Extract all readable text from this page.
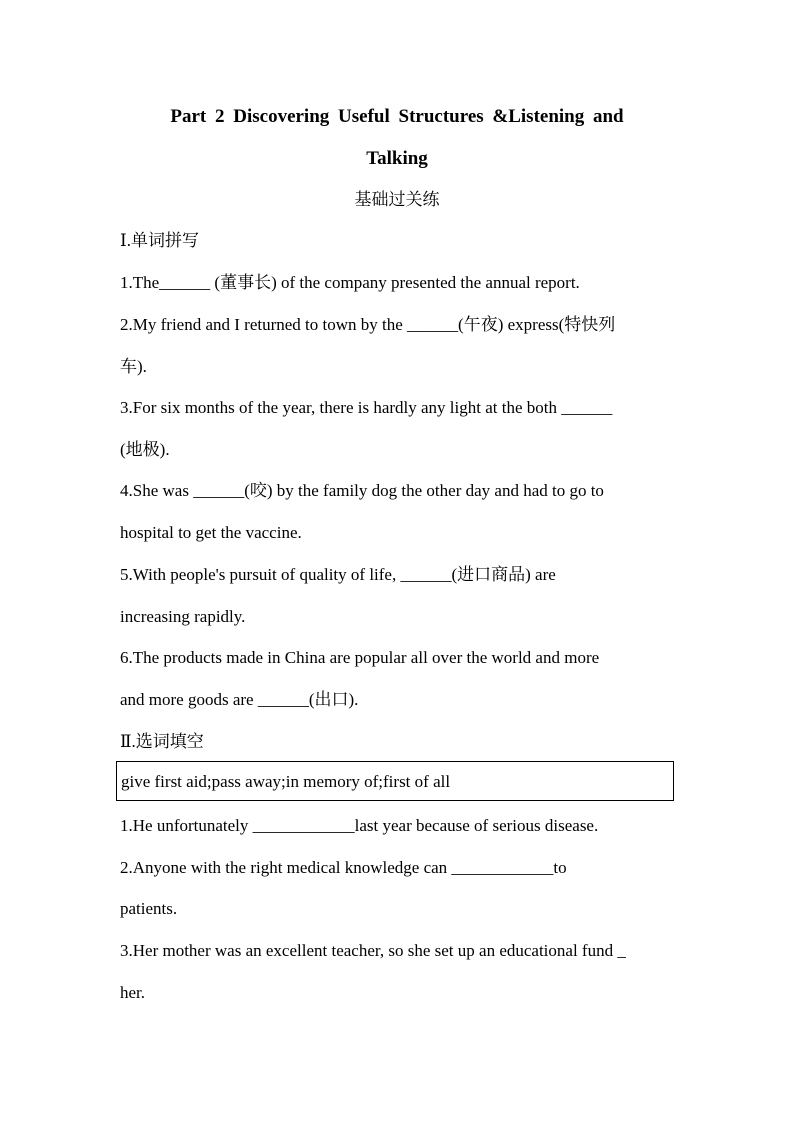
Part 2 Discovering Useful Structures &Listening and
Talking
基础过关练
Ⅰ.单词拼写
1.The______ (董事长) of the company presented the annual report.
2.My friend and I returned to town by the ______(午夜) express(特快列
车).
3.For six months of the year, there is hardly any light at the both ______
(地极).
4.She was ______(咬) by the family dog the other day and had to go to
hospital to get the vaccine.
5.With people's pursuit of quality of life, ______(进口商品) are
increasing rapidly.
6.The products made in China are popular all over the world and more
and more goods are ______(出口).
Ⅱ.选词填空
give first aid;pass away;in memory of;first of all
1.He unfortunately ____________last year because of serious disease.
2.Anyone with the right medical knowledge can ____________to
patients.
3.Her mother was an excellent teacher, so she set up an educational fund _
her.
